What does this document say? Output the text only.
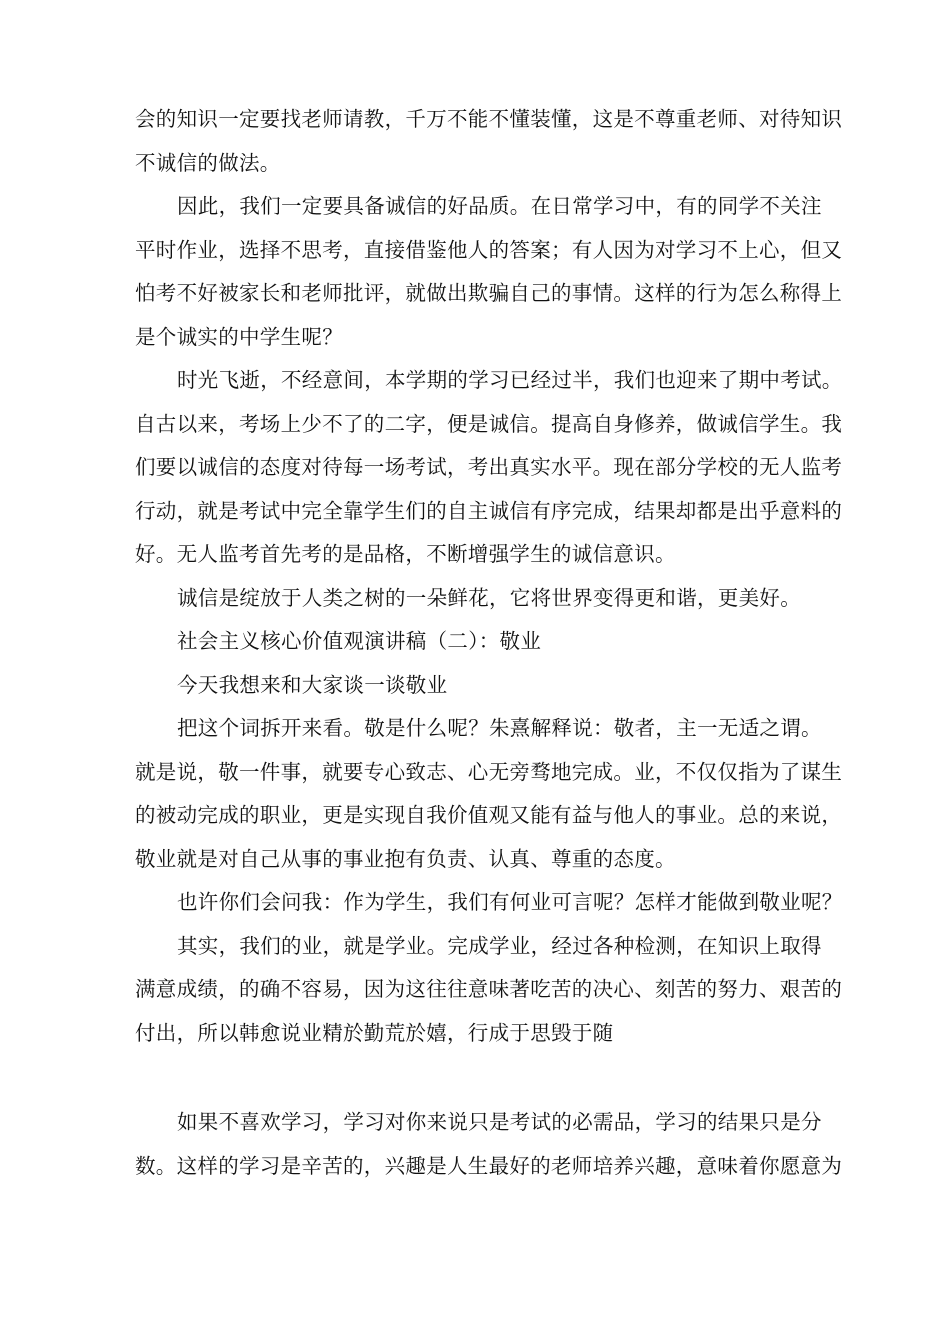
会的知识一定要找老师请教，千万不能不懂装懂，这是不尊重老师、对待知识
不诚信的做法。
因此，我们一定要具备诚信的好品质。在日常学习中，有的同学不关注
平时作业，选择不思考，直接借鉴他人的答案；有人因为对学习不上心，但又
怕考不好被家长和老师批评，就做出欺骗自己的事情。这样的行为怎么称得上
是个诚实的中学生呢？
时光飞逝，不经意间，本学期的学习已经过半，我们也迎来了期中考试。
自古以来，考场上少不了的二字，便是诚信。提高自身修养，做诚信学生。我
们要以诚信的态度对待每一场考试，考出真实水平。现在部分学校的无人监考
行动，就是考试中完全靠学生们的自主诚信有序完成，结果却都是出乎意料的
好。无人监考首先考的是品格，不断增强学生的诚信意识。
诚信是绽放于人类之树的一朵鲜花，它将世界变得更和谐，更美好。
社会主义核心价值观演讲稿（二）：敬业
今天我想来和大家谈一谈敬业
把这个词拆开来看。敬是什么呢？朱熹解释说：敬者，主一无适之谓。
就是说，敬一件事，就要专心致志、心无旁骛地完成。业，不仅仅指为了谋生
的被动完成的职业，更是实现自我价值观又能有益与他人的事业。总的来说，
敬业就是对自己从事的事业抱有负责、认真、尊重的态度。
也许你们会问我：作为学生，我们有何业可言呢？怎样才能做到敬业呢？
其实，我们的业，就是学业。完成学业，经过各种检测，在知识上取得
满意成绩，的确不容易，因为这往往意味著吃苦的决心、刻苦的努力、艰苦的
付出，所以韩愈说业精於勤荒於嬉，行成于思毁于随
如果不喜欢学习，学习对你来说只是考试的必需品，学习的结果只是分
数。这样的学习是辛苦的，兴趣是人生最好的老师培养兴趣，意味着你愿意为
